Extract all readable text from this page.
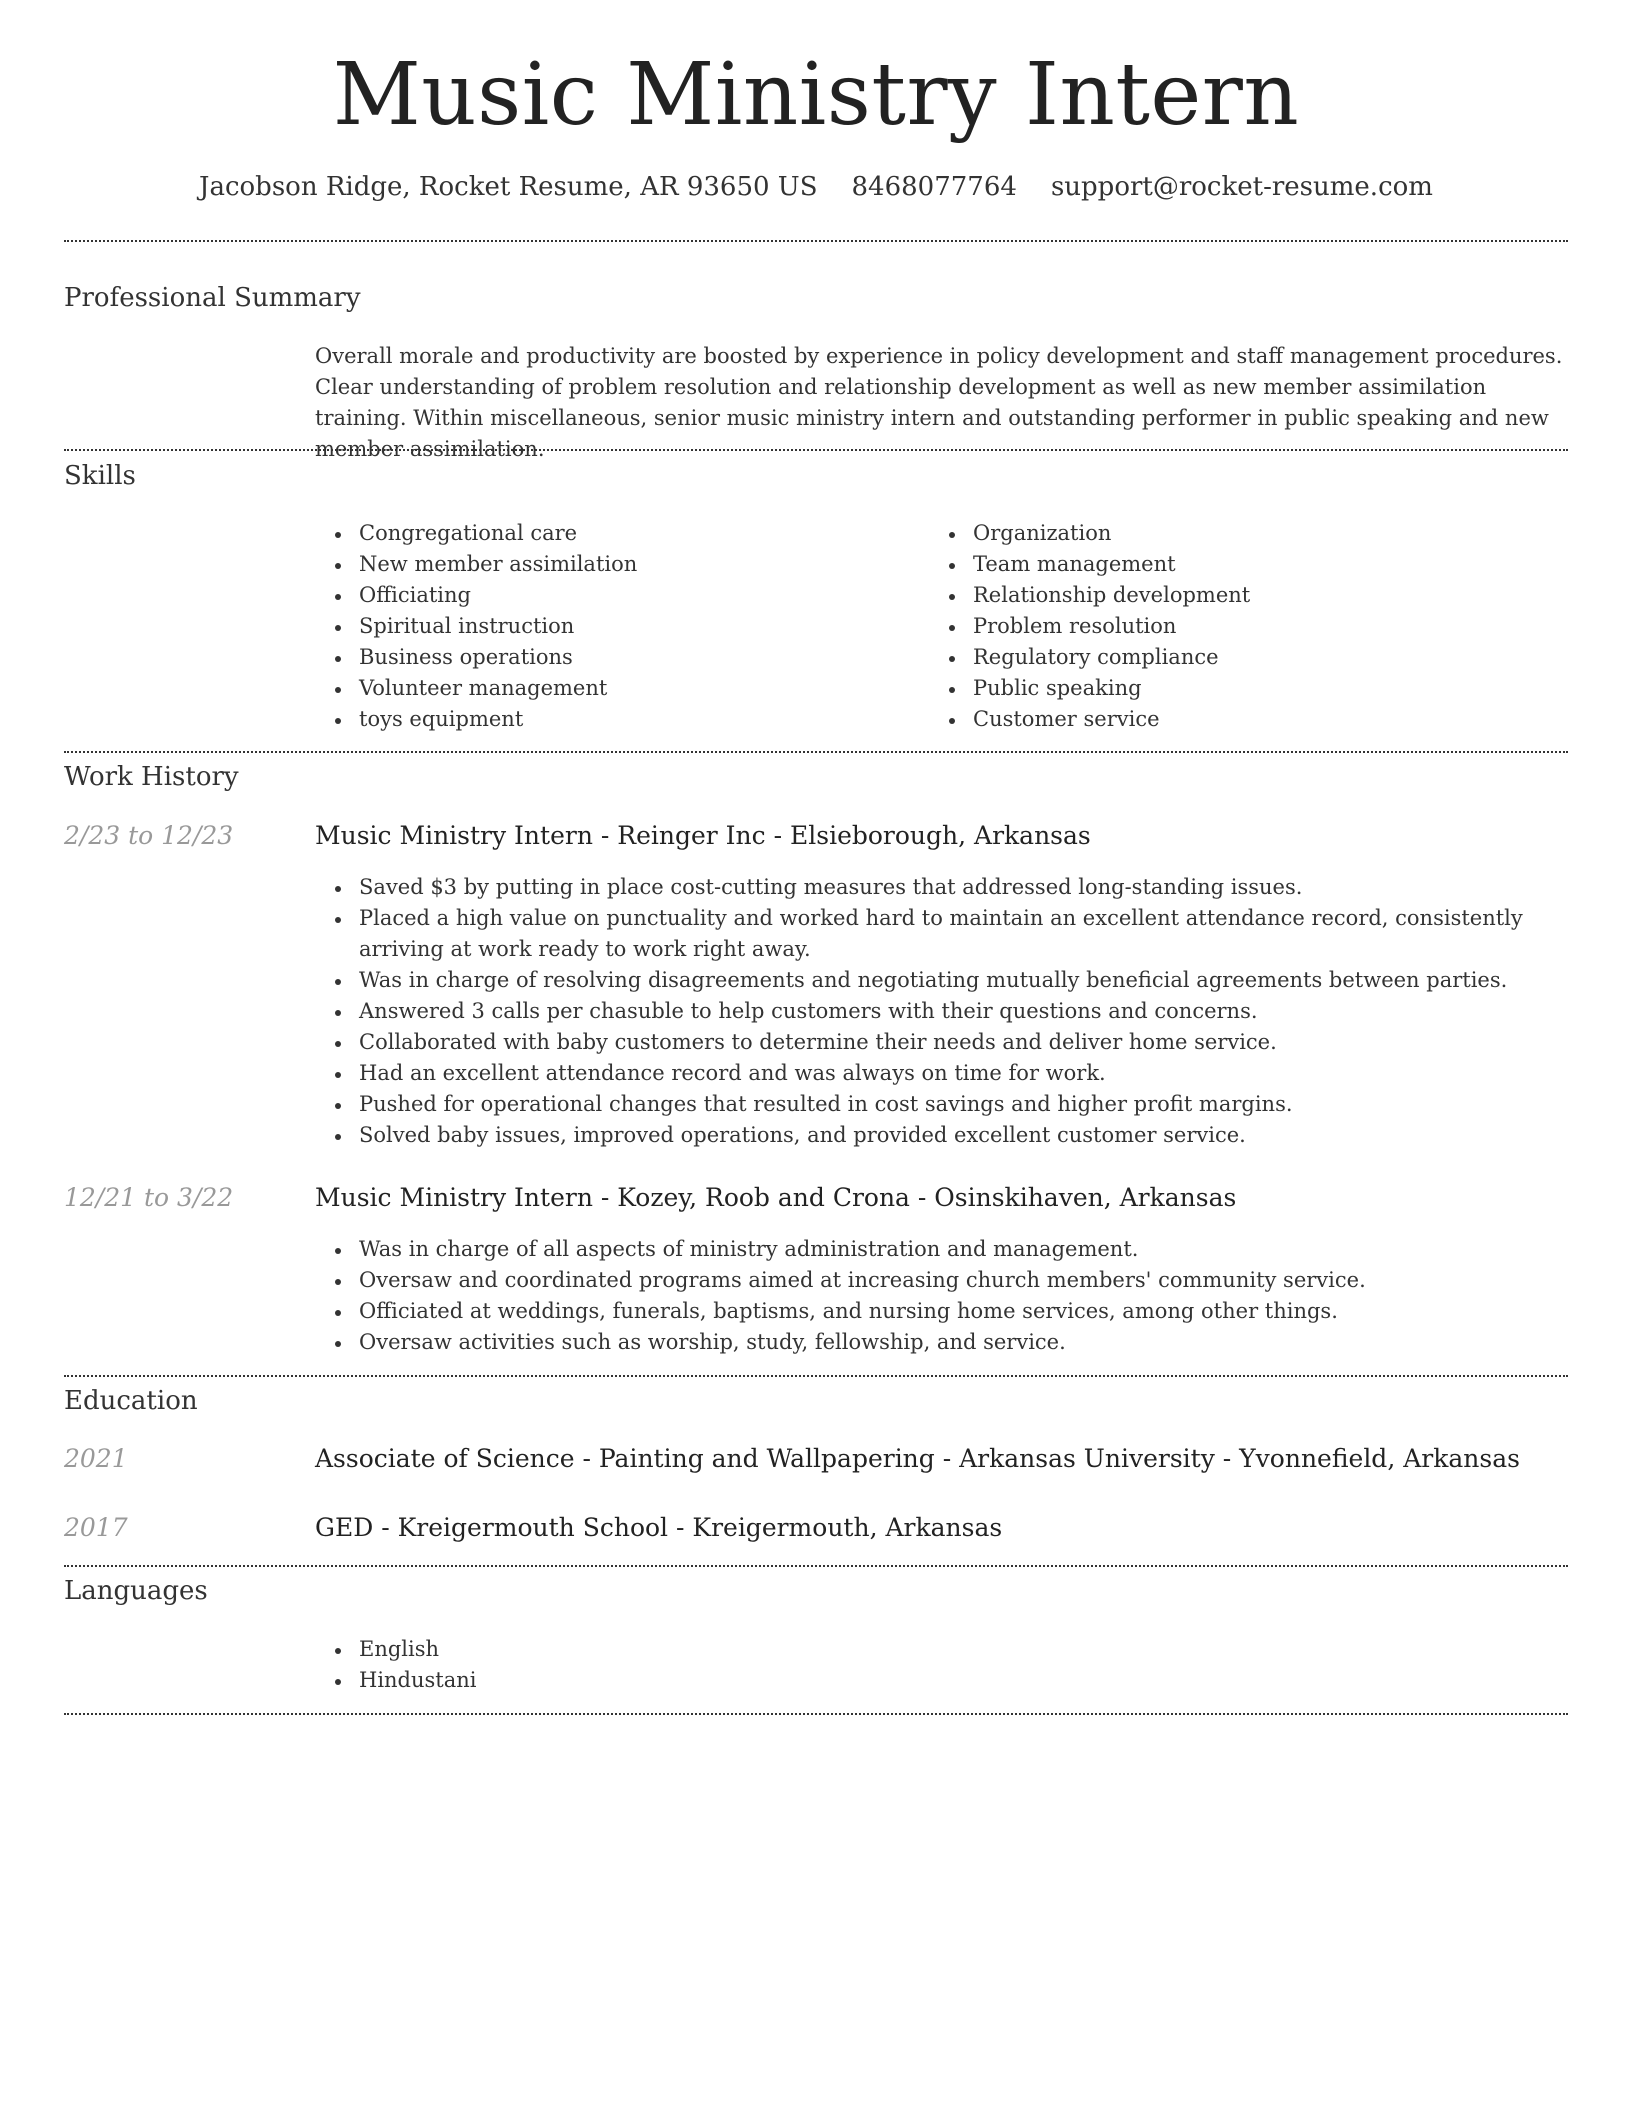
Music Ministry Intern
Jacobson Ridge, Rocket Resume, AR 93650 US 8468077764 support@rocket-resume.com
Professional Summary

Overall morale and productivity are boosted by experience in policy development and staff management procedures. Clear understanding of problem resolution and relationship development as well as new member assimilation training. Within miscellaneous, senior music ministry intern and outstanding performer in public speaking and new member assimilation.

Skills
Congregational care
New member assimilation
Officiating
Spiritual instruction
Business operations
Volunteer management
toys equipment
Organization
Team management
Relationship development
Problem resolution
Regulatory compliance
Public speaking
Customer service
Work History
2/23 to 12/23	Music Ministry Intern - Reinger Inc - Elsieborough, Arkansas
Saved $3 by putting in place cost-cutting measures that addressed long-standing issues.
Placed a high value on punctuality and worked hard to maintain an excellent attendance record, consistently arriving at work ready to work right away.
Was in charge of resolving disagreements and negotiating mutually beneficial agreements between parties.
Answered 3 calls per chasuble to help customers with their questions and concerns.
Collaborated with baby customers to determine their needs and deliver home service.
Had an excellent attendance record and was always on time for work.
Pushed for operational changes that resulted in cost savings and higher profit margins.
Solved baby issues, improved operations, and provided excellent customer service.
12/21 to 3/22	Music Ministry Intern - Kozey, Roob and Crona - Osinskihaven, Arkansas
Was in charge of all aspects of ministry administration and management.
Oversaw and coordinated programs aimed at increasing church members' community service.
Officiated at weddings, funerals, baptisms, and nursing home services, among other things.
Oversaw activities such as worship, study, fellowship, and service.
Education
2021	Associate of Science - Painting and Wallpapering - Arkansas University - Yvonnefield, Arkansas
2017	GED - Kreigermouth School - Kreigermouth, Arkansas
Languages
English
Hindustani
